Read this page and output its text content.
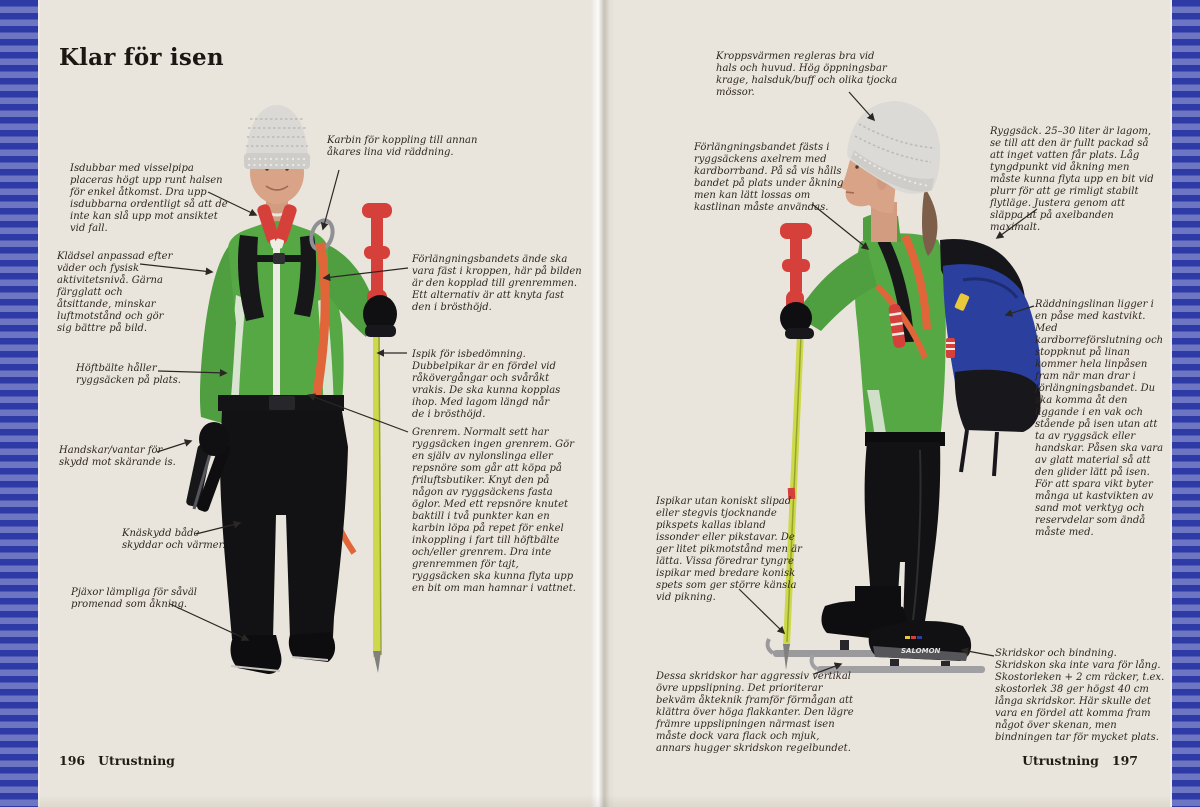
Klar för isen
SALOMON
Isdubbar med visselpipa placeras högt upp runt halsen för enkel åtkomst. Dra upp isdubbarna ordentligt så att de inte kan slå upp mot ansiktet vid fall.
Klädsel anpassad efter väder och fysisk aktivitetsnivå. Gärna färgglatt och åtsittande, minskar luftmotstånd och gör sig bättre på bild.
Höftbälte håller ryggsäcken på plats.
Handskar/vantar för skydd mot skärande is.
Knäskydd både skyddar och värmer.
Pjäxor lämpliga för såväl promenad som åkning.
Karbin för koppling till annan åkares lina vid räddning.
Förlängningsbandets ände ska vara fäst i kroppen, här på bilden är den kopplad till grenremmen. Ett alternativ är att knyta fast den i brösthöjd.
Ispik för isbedömning. Dubbelpikar är en fördel vid råkövergångar och svåråkt vrakis. De ska kunna kopplas ihop. Med lagom längd når de i brösthöjd.
Grenrem. Normalt sett har ryggsäcken ingen grenrem. Gör en själv av nylonslinga eller repsnöre som går att köpa på friluftsbutiker. Knyt den på någon av ryggsäckens fasta öglor. Med ett repsnöre knutet baktill i två punkter kan en karbin löpa på repet för enkel inkoppling i fart till höftbälte och/eller grenrem. Dra inte grenremmen för tajt, ryggsäcken ska kunna flyta upp en bit om man hamnar i vattnet.
Kroppsvärmen regleras bra vid hals och huvud. Hög öppningsbar krage, halsduk/buff och olika tjocka mössor.
Förlängningsbandet fästs i ryggsäckens axelrem med kardborrband. På så vis hålls bandet på plats under åkning men kan lätt lossas om kastlinan måste användas.
Ryggsäck. 25–30 liter är lagom, se till att den är fullt packad så att inget vatten får plats. Låg tyngdpunkt vid åkning men måste kunna flyta upp en bit vid plurr för att ge rimligt stabilt flytläge. Justera genom att släppa ut på axelbanden maximalt.
Räddningslinan ligger i en påse med kastvikt. Med kardborreförslutning och stoppknut på linan kommer hela linpåsen fram när man drar i förlängningsbandet. Du ska komma åt den liggande i en vak och stående på isen utan att ta av ryggsäck eller handskar. Påsen ska vara av glatt material så att den glider lätt på isen. För att spara vikt byter många ut kastvikten av sand mot verktyg och reservdelar som ändå måste med.
Ispikar utan koniskt slipad eller stegvis tjocknande pikspets kallas ibland issonder eller pikstavar. De ger litet pikmotstånd men är lätta. Vissa föredrar tyngre ispikar med bredare konisk spets som ger större känsla vid pikning.
Dessa skridskor har aggressiv vertikal övre uppslipning. Det prioriterar bekväm åkteknik framför förmågan att klättra över höga flakkanter. Den lägre främre uppslipningen närmast isen måste dock vara flack och mjuk, annars hugger skridskon regelbundet.
Skridskor och bindning. Skridskon ska inte vara för lång. Skostorleken + 2 cm räcker, t.ex. skostorlek 38 ger högst 40 cm långa skridskor. Här skulle det vara en fördel att komma fram något över skenan, men bindningen tar för mycket plats.
196 Utrustning	Utrustning 197
